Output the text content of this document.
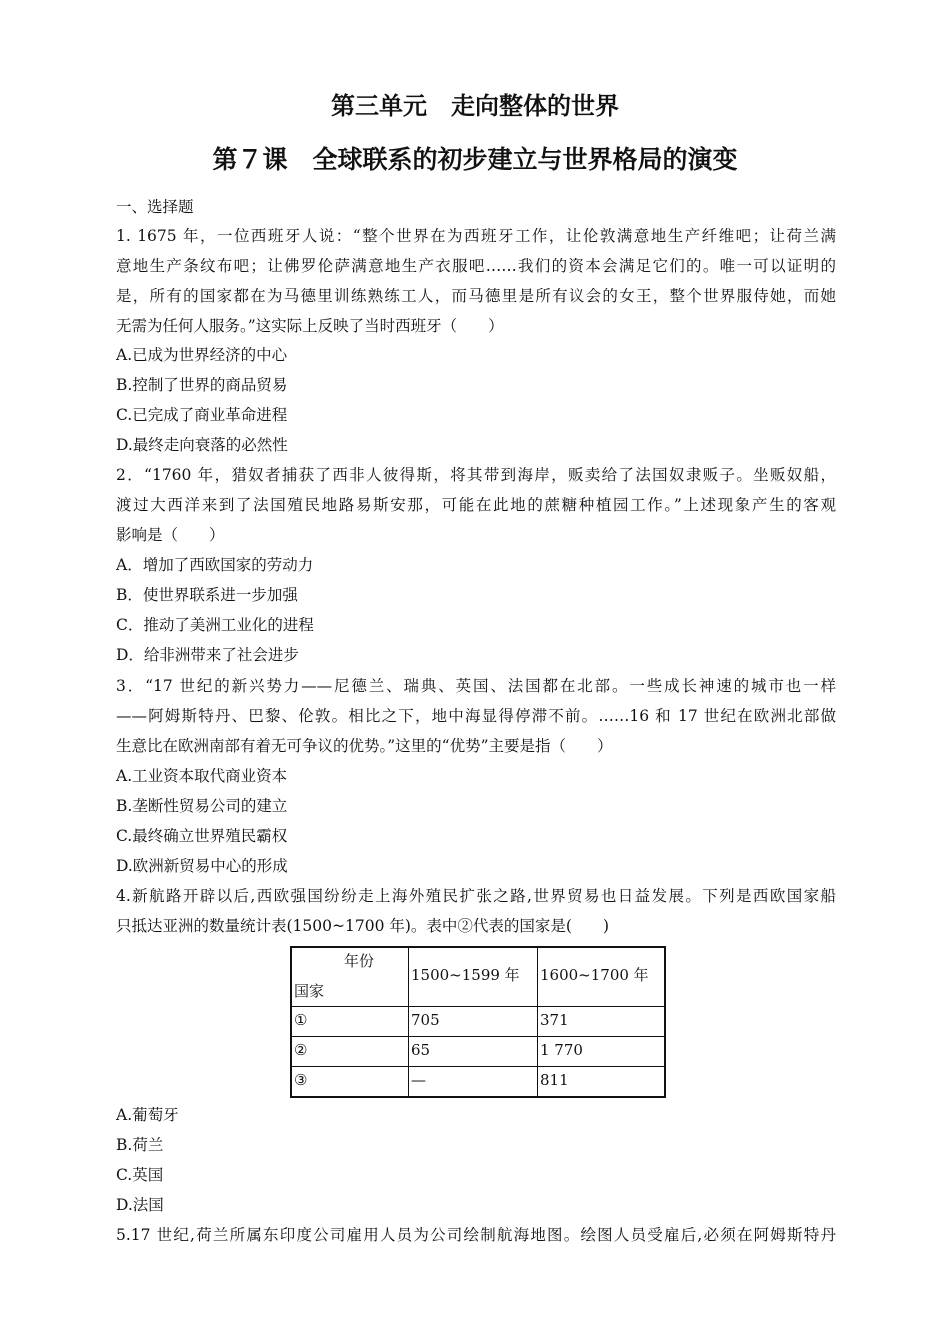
第三单元　走向整体的世界
第７课　全球联系的初步建立与世界格局的演变
一、选择题
1. 1675 年，一位西班牙人说：“整个世界在为西班牙工作，让伦敦满意地生产纤维吧；让荷兰满
意地生产条纹布吧；让佛罗伦萨满意地生产衣服吧……我们的资本会满足它们的。唯一可以证明的
是，所有的国家都在为马德里训练熟练工人，而马德里是所有议会的女王，整个世界服侍她，而她
无需为任何人服务。”这实际上反映了当时西班牙（　　）
A.已成为世界经济的中心
B.控制了世界的商品贸易
C.已完成了商业革命进程
D.最终走向衰落的必然性
2．“1760 年，猎奴者捕获了西非人彼得斯，将其带到海岸，贩卖给了法国奴隶贩子。坐贩奴船，
渡过大西洋来到了法国殖民地路易斯安那，可能在此地的蔗糖种植园工作。”上述现象产生的客观
影响是（　　）
A．增加了西欧国家的劳动力
B．使世界联系进一步加强
C．推动了美洲工业化的进程
D．给非洲带来了社会进步
3．“17 世纪的新兴势力——尼德兰、瑞典、英国、法国都在北部。一些成长神速的城市也一样
——阿姆斯特丹、巴黎、伦敦。相比之下，地中海显得停滞不前。……16 和 17 世纪在欧洲北部做
生意比在欧洲南部有着无可争议的优势。”这里的“优势”主要是指（　　）
A.工业资本取代商业资本
B.垄断性贸易公司的建立
C.最终确立世界殖民霸权
D.欧洲新贸易中心的形成
4.新航路开辟以后,西欧强国纷纷走上海外殖民扩张之路,世界贸易也日益发展。下列是西欧国家船
只抵达亚洲的数量统计表(1500~1700 年)。表中②代表的国家是(　　)
年份
国家	1500~1599 年	1600~1700 年

①	705	371
②	65	1 770
③	—	811
A.葡萄牙
B.荷兰
C.英国
D.法国
5.17 世纪,荷兰所属东印度公司雇用人员为公司绘制航海地图。绘图人员受雇后,必须在阿姆斯特丹
